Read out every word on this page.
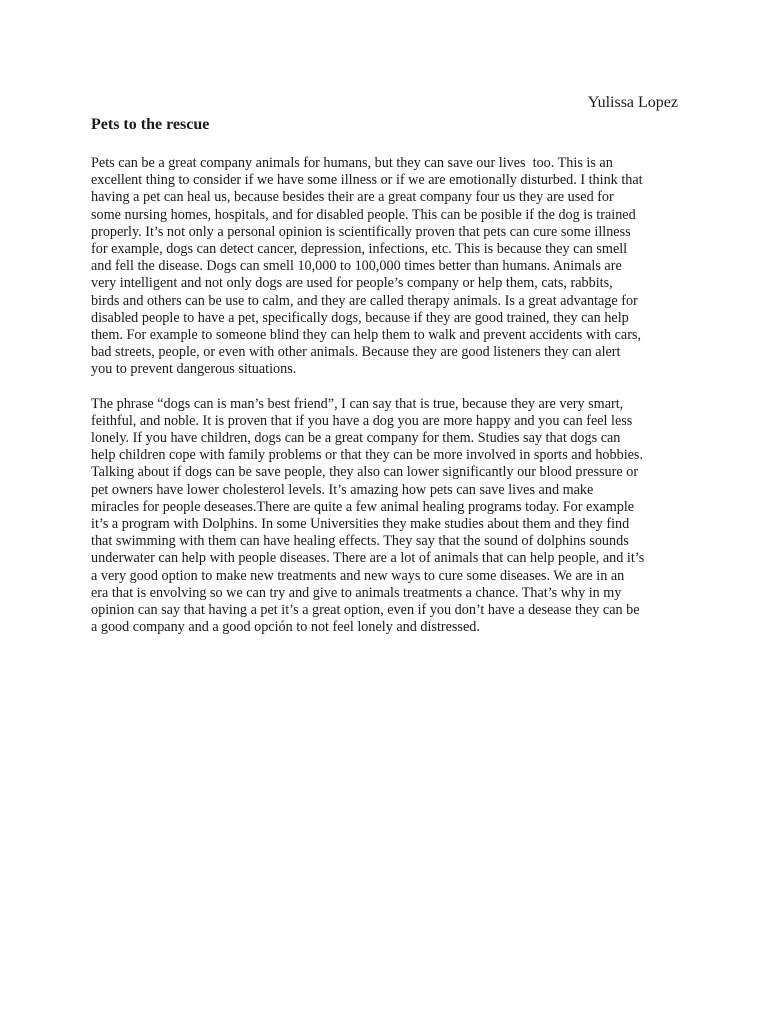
Yulissa Lopez
Pets to the rescue
Pets can be a great company animals for humans, but they can save our lives  too. This is an
excellent thing to consider if we have some illness or if we are emotionally disturbed. I think that
having a pet can heal us, because besides their are a great company four us they are used for
some nursing homes, hospitals, and for disabled people. This can be posible if the dog is trained
properly. It’s not only a personal opinion is scientifically proven that pets can cure some illness
for example, dogs can detect cancer, depression, infections, etc. This is because they can smell
and fell the disease. Dogs can smell 10,000 to 100,000 times better than humans. Animals are
very intelligent and not only dogs are used for people’s company or help them, cats, rabbits,
birds and others can be use to calm, and they are called therapy animals. Is a great advantage for
disabled people to have a pet, specifically dogs, because if they are good trained, they can help
them. For example to someone blind they can help them to walk and prevent accidents with cars,
bad streets, people, or even with other animals. Because they are good listeners they can alert
you to prevent dangerous situations.
The phrase “dogs can is man’s best friend”, I can say that is true, because they are very smart,
feithful, and noble. It is proven that if you have a dog you are more happy and you can feel less
lonely. If you have children, dogs can be a great company for them. Studies say that dogs can
help children cope with family problems or that they can be more involved in sports and hobbies.
Talking about if dogs can be save people, they also can lower significantly our blood pressure or
pet owners have lower cholesterol levels. It’s amazing how pets can save lives and make
miracles for people deseases.There are quite a few animal healing programs today. For example
it’s a program with Dolphins. In some Universities they make studies about them and they find
that swimming with them can have healing effects. They say that the sound of dolphins sounds
underwater can help with people diseases. There are a lot of animals that can help people, and it’s
a very good option to make new treatments and new ways to cure some diseases. We are in an
era that is envolving so we can try and give to animals treatments a chance. That’s why in my
opinion can say that having a pet it’s a great option, even if you don’t have a desease they can be
a good company and a good opción to not feel lonely and distressed.
